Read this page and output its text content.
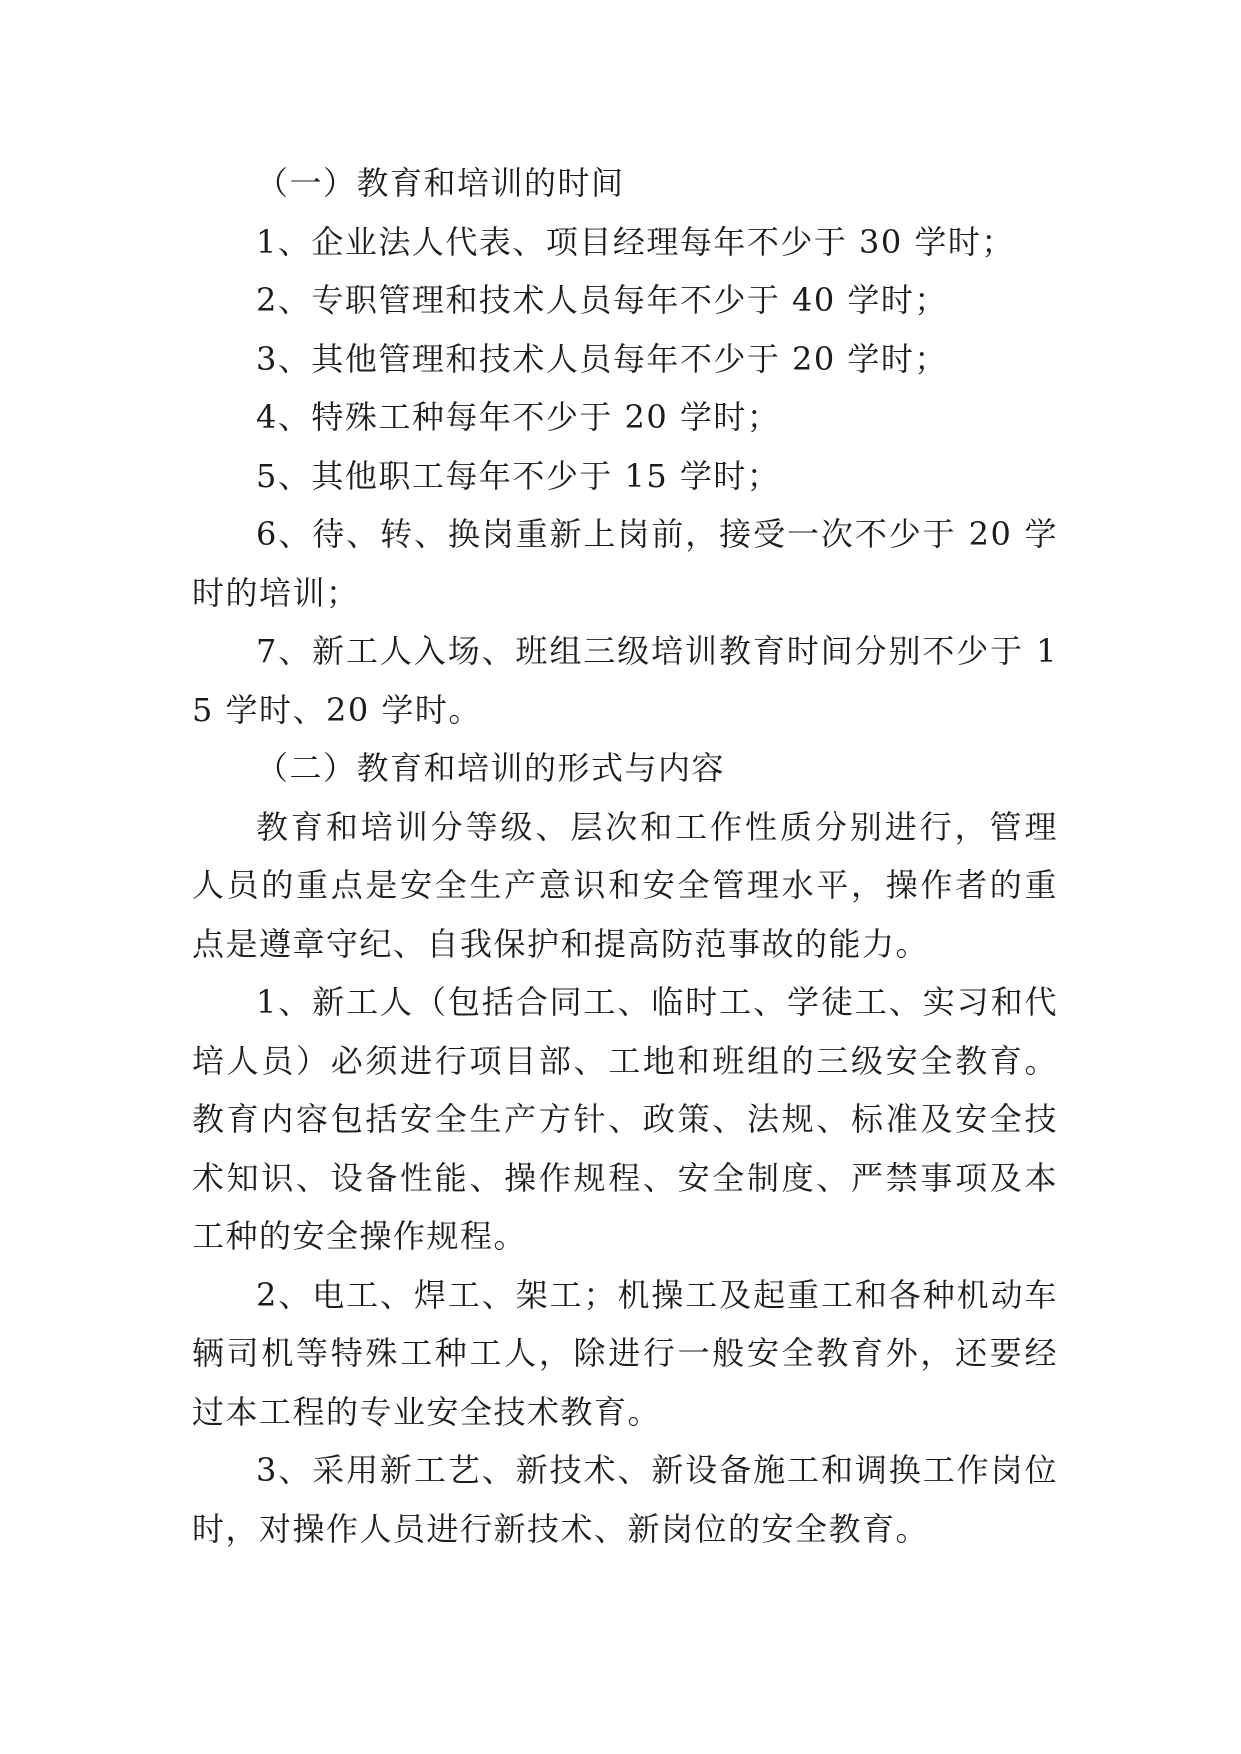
（一）教育和培训的时间

1、企业法人代表、项目经理每年不少于 30 学时；

2、专职管理和技术人员每年不少于 40 学时；

3、其他管理和技术人员每年不少于 20 学时；

4、特殊工种每年不少于 20 学时；

5、其他职工每年不少于 15 学时；

6、待、转、换岗重新上岗前，接受一次不少于 20 学时的培训；

7、新工人入场、班组三级培训教育时间分别不少于 15 学时、20 学时。

（二）教育和培训的形式与内容

教育和培训分等级、层次和工作性质分别进行，管理人员的重点是安全生产意识和安全管理水平，操作者的重点是遵章守纪、自我保护和提高防范事故的能力。

1、新工人（包括合同工、临时工、学徒工、实习和代培人员）必须进行项目部、工地和班组的三级安全教育。教育内容包括安全生产方针、政策、法规、标准及安全技术知识、设备性能、操作规程、安全制度、严禁事项及本工种的安全操作规程。

2、电工、焊工、架工；机操工及起重工和各种机动车辆司机等特殊工种工人，除进行一般安全教育外，还要经过本工程的专业安全技术教育。

3、采用新工艺、新技术、新设备施工和调换工作岗位时，对操作人员进行新技术、新岗位的安全教育。
